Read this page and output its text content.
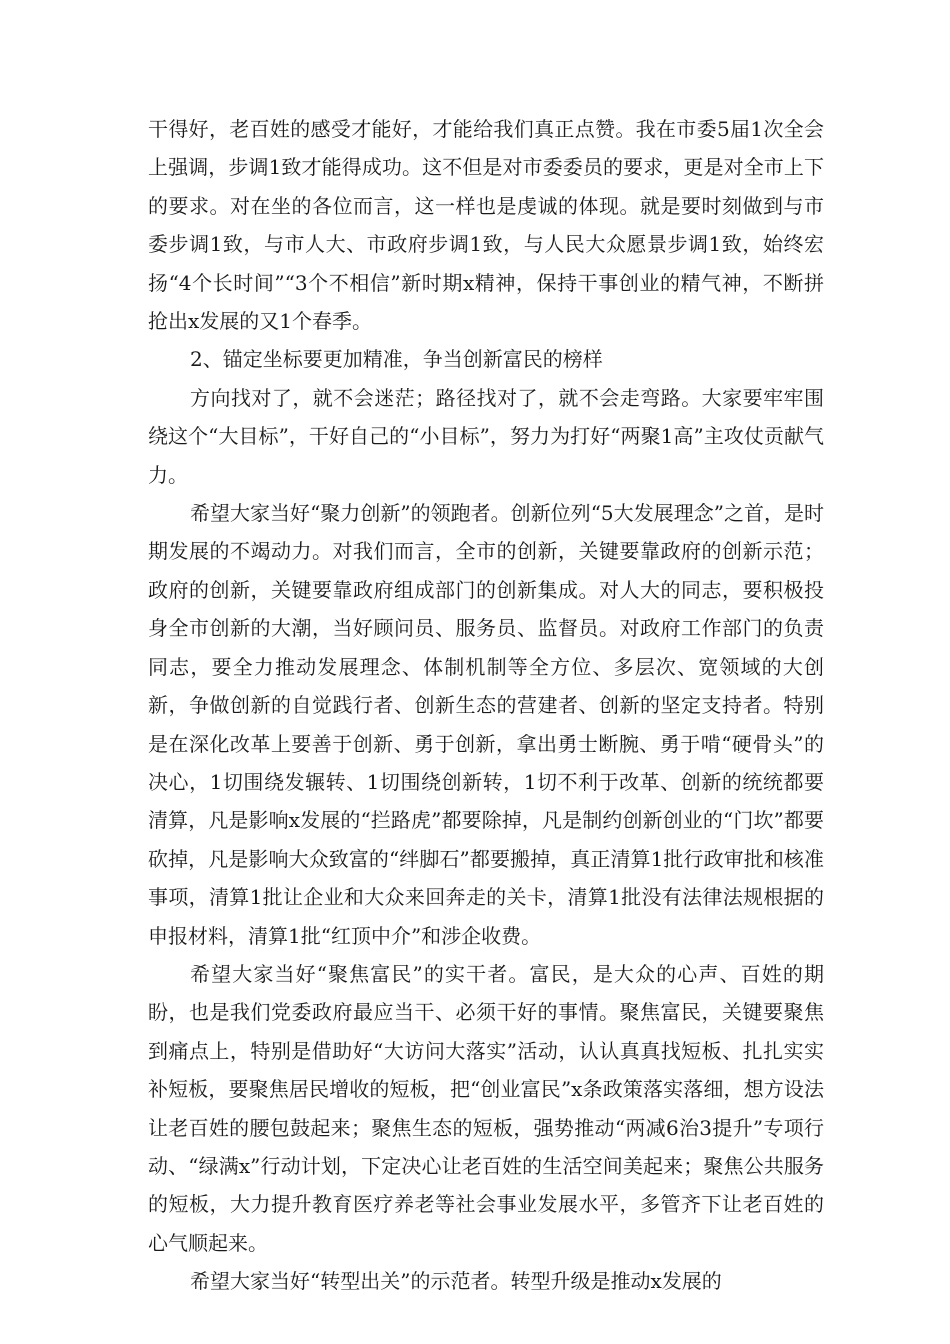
干得好，老百姓的感受才能好，才能给我们真正点赞。我在市委5届1次全会上强调，步调1致才能得成功。这不但是对市委委员的要求，更是对全市上下的要求。对在坐的各位而言，这一样也是虔诚的体现。就是要时刻做到与市委步调1致，与市人大、市政府步调1致，与人民大众愿景步调1致，始终宏扬“4个长时间”“3个不相信”新时期x精神，保持干事创业的精气神，不断拼抢出x发展的又1个春季。

2、锚定坐标要更加精准，争当创新富民的榜样

方向找对了，就不会迷茫；路径找对了，就不会走弯路。大家要牢牢围绕这个“大目标”，干好自己的“小目标”，努力为打好“两聚1高”主攻仗贡献气力。

希望大家当好“聚力创新”的领跑者。创新位列“5大发展理念”之首，是时期发展的不竭动力。对我们而言，全市的创新，关键要靠政府的创新示范；政府的创新，关键要靠政府组成部门的创新集成。对人大的同志，要积极投身全市创新的大潮，当好顾问员、服务员、监督员。对政府工作部门的负责同志，要全力推动发展理念、体制机制等全方位、多层次、宽领域的大创新，争做创新的自觉践行者、创新生态的营建者、创新的坚定支持者。特别是在深化改革上要善于创新、勇于创新，拿出勇士断腕、勇于啃“硬骨头”的决心，1切围绕发辗转、1切围绕创新转，1切不利于改革、创新的统统都要清算，凡是影响x发展的“拦路虎”都要除掉，凡是制约创新创业的“门坎”都要砍掉，凡是影响大众致富的“绊脚石”都要搬掉，真正清算1批行政审批和核准事项，清算1批让企业和大众来回奔走的关卡，清算1批没有法律法规根据的申报材料，清算1批“红顶中介”和涉企收费。

希望大家当好“聚焦富民”的实干者。富民，是大众的心声、百姓的期盼，也是我们党委政府最应当干、必须干好的事情。聚焦富民，关键要聚焦到痛点上，特别是借助好“大访问大落实”活动，认认真真找短板、扎扎实实补短板，要聚焦居民增收的短板，把“创业富民”x条政策落实落细，想方设法让老百姓的腰包鼓起来；聚焦生态的短板，强势推动“两减6治3提升”专项行动、“绿满x”行动计划，下定决心让老百姓的生活空间美起来；聚焦公共服务的短板，大力提升教育医疗养老等社会事业发展水平，多管齐下让老百姓的心气顺起来。

希望大家当好“转型出关”的示范者。转型升级是推动x发展的
